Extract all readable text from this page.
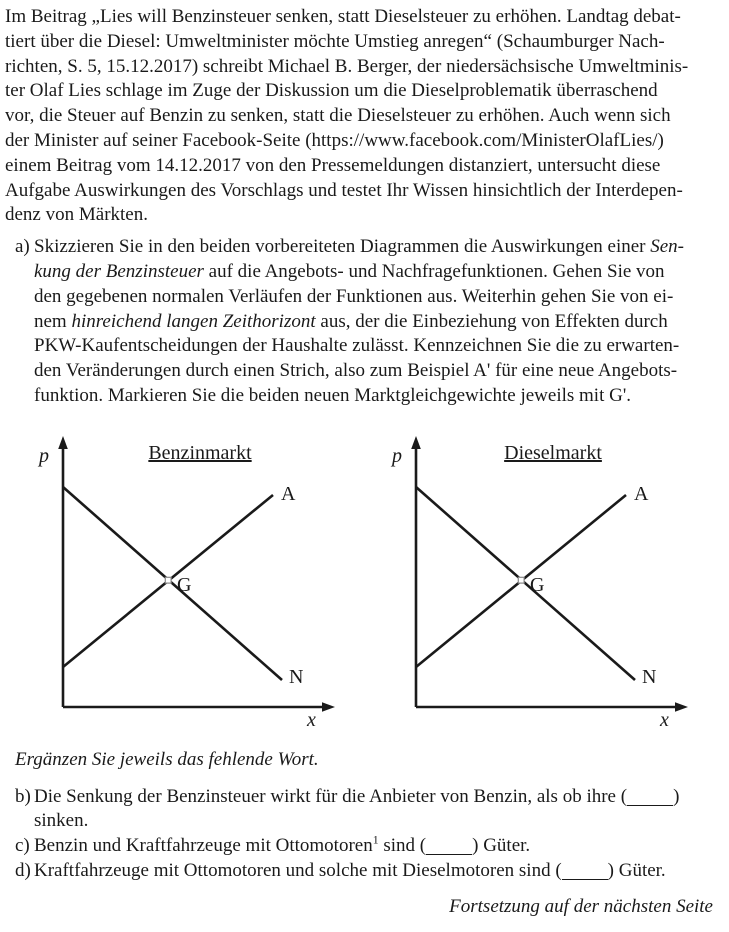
Im Beitrag „Lies will Benzinsteuer senken, statt Dieselsteuer zu erhöhen. Landtag debat-
tiert über die Diesel: Umweltminister möchte Umstieg anregen“ (Schaumburger Nach-
richten, S. 5, 15.12.2017) schreibt Michael B. Berger, der niedersächsische Umweltminis-
ter Olaf Lies schlage im Zuge der Diskussion um die Dieselproblematik überraschend
vor, die Steuer auf Benzin zu senken, statt die Dieselsteuer zu erhöhen. Auch wenn sich
der Minister auf seiner Facebook-Seite (https://www.facebook.com/MinisterOlafLies/)
einem Beitrag vom 14.12.2017 von den Pressemeldungen distanziert, untersucht diese
Aufgabe Auswirkungen des Vorschlags und testet Ihr Wissen hinsichtlich der Interdepen-
denz von Märkten.
a) Skizzieren Sie in den beiden vorbereiteten Diagrammen die Auswirkungen einer Sen-
kung der Benzinsteuer auf die Angebots- und Nachfragefunktionen. Gehen Sie von
den gegebenen normalen Verläufen der Funktionen aus. Weiterhin gehen Sie von ei-
nem hinreichend langen Zeithorizont aus, der die Einbeziehung von Effekten durch
PKW-Kaufentscheidungen der Haushalte zulässt. Kennzeichnen Sie die zu erwarten-
den Veränderungen durch einen Strich, also zum Beispiel A' für eine neue Angebots-
funktion. Markieren Sie die beiden neuen Marktgleichgewichte jeweils mit G'.
Benzinmarkt
p
x
A
N
G
Dieselmarkt
p
x
A
N
G
Ergänzen Sie jeweils das fehlende Wort.
b) Die Senkung der Benzinsteuer wirkt für die Anbieter von Benzin, als ob ihre ( )
sinken.
c) Benzin und Kraftfahrzeuge mit Ottomotoren$^1$ sind ( ) Güter.
d) Kraftfahrzeuge mit Ottomotoren und solche mit Dieselmotoren sind ( ) Güter.
Fortsetzung auf der nächsten Seite
